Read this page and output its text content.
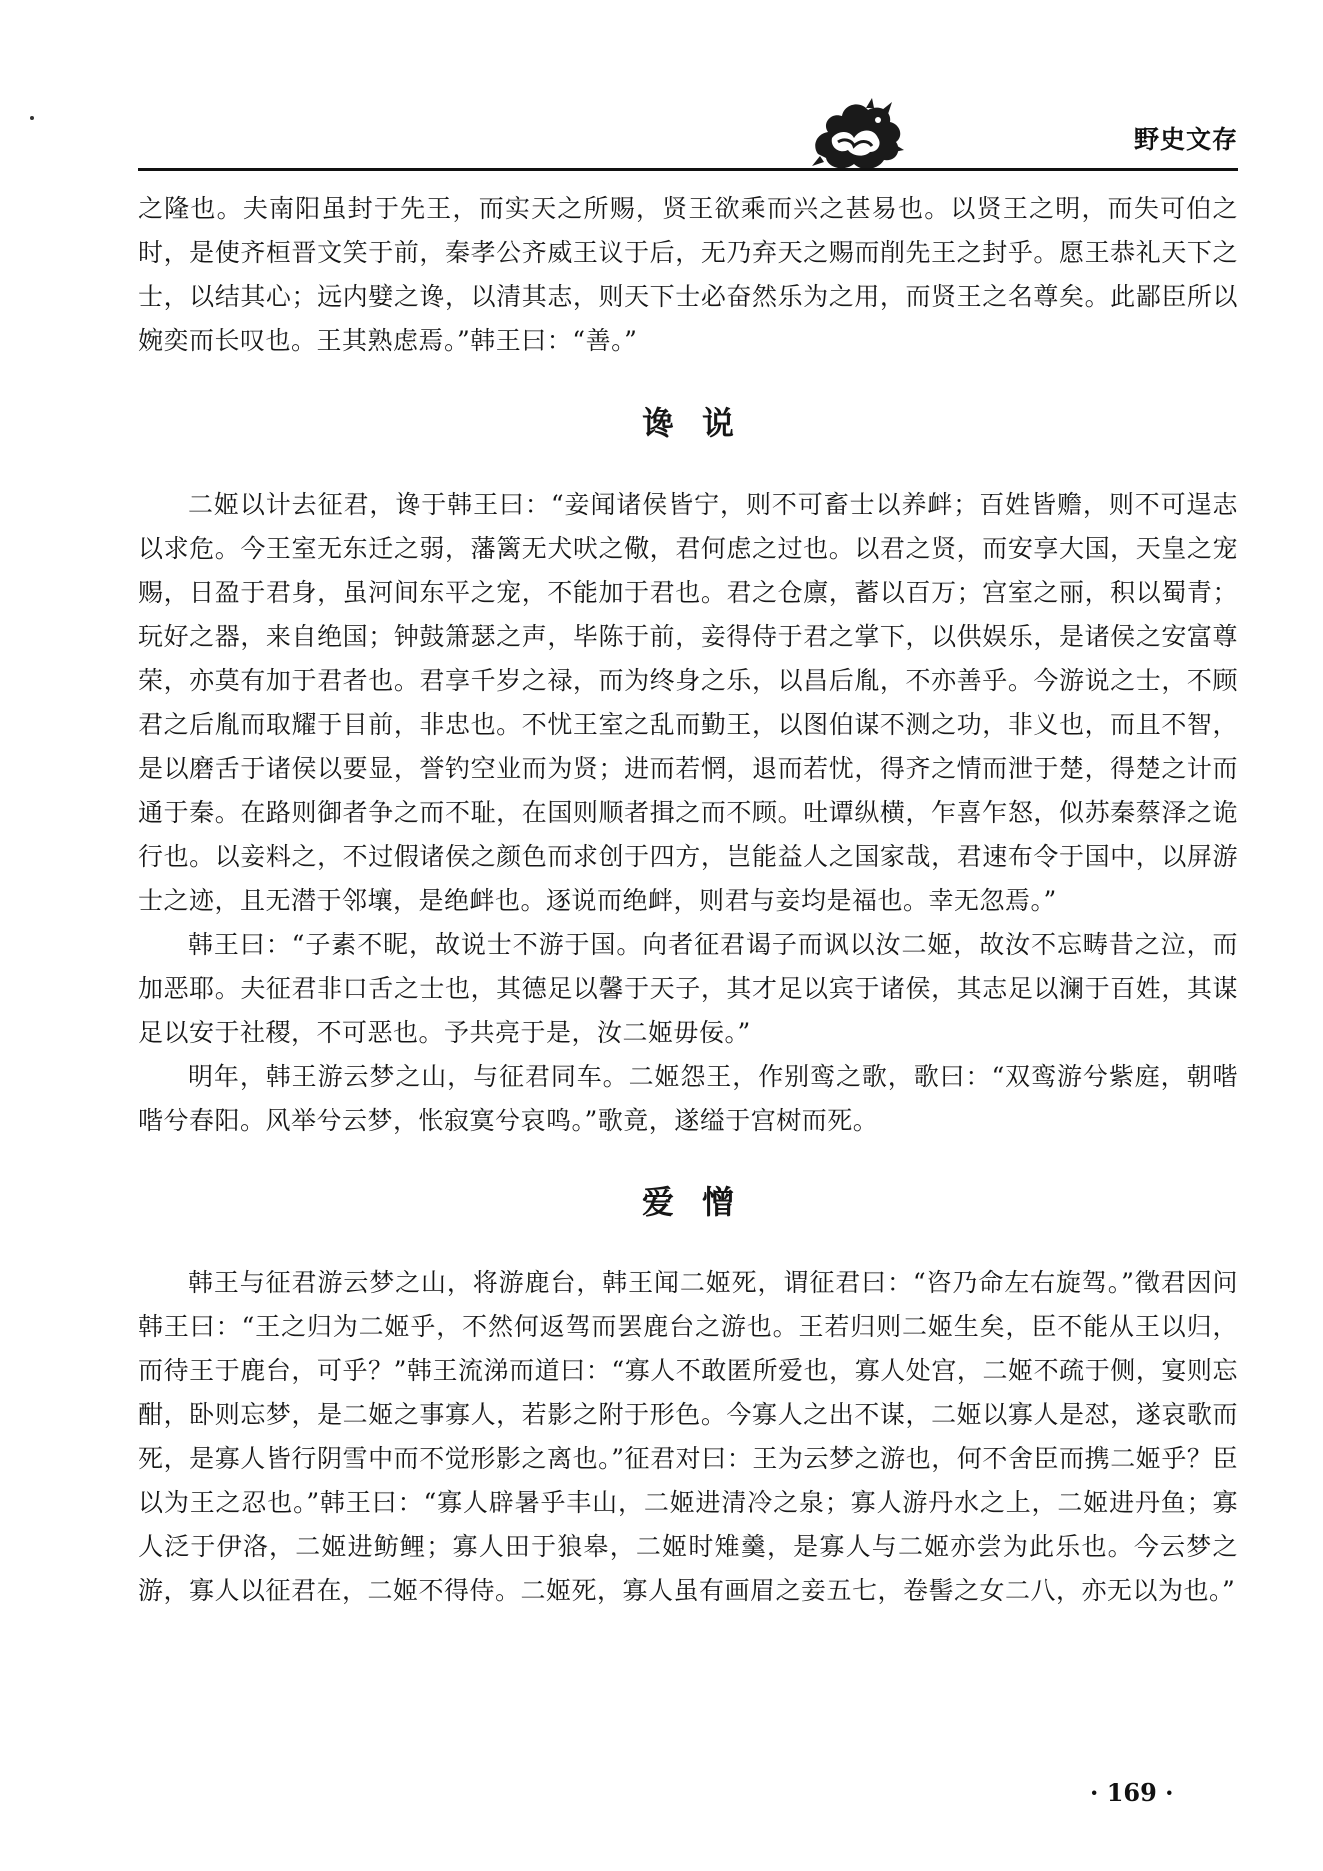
野史文存

之隆也。夫南阳虽封于先王，而实天之所赐，贤王欲乘而兴之甚易也。以贤王之明，而失可伯之时，是使齐桓晋文笑于前，秦孝公齐威王议于后，无乃弃天之赐而削先王之封乎。愿王恭礼天下之士，以结其心；远内嬖之谗，以清其志，则天下士必奋然乐为之用，而贤王之名尊矣。此鄙臣所以婉奕而长叹也。王其熟虑焉。”韩王曰：“善。”

谗说

二姬以计去征君，谗于韩王曰：“妾闻诸侯皆宁，则不可畜士以养衅；百姓皆赡，则不可逞志以求危。今王室无东迁之弱，藩篱无犬吠之儆，君何虑之过也。以君之贤，而安享大国，天皇之宠赐，日盈于君身，虽河间东平之宠，不能加于君也。君之仓廪，蓄以百万；宫室之丽，积以蜀青；玩好之器，来自绝国；钟鼓箫瑟之声，毕陈于前，妾得侍于君之掌下，以供娱乐，是诸侯之安富尊荣，亦莫有加于君者也。君享千岁之禄，而为终身之乐，以昌后胤，不亦善乎。今游说之士，不顾君之后胤而取耀于目前，非忠也。不忧王室之乱而勤王，以图伯谋不测之功，非义也，而且不智，是以磨舌于诸侯以要显，誉钓空业而为贤；进而若惘，退而若忧，得齐之情而泄于楚，得楚之计而通于秦。在路则御者争之而不耻，在国则顺者揖之而不顾。吐谭纵横，乍喜乍怒，似苏秦蔡泽之诡行也。以妾料之，不过假诸侯之颜色而求创于四方，岂能益人之国家哉，君速布令于国中，以屏游士之迹，且无潜于邻壤，是绝衅也。逐说而绝衅，则君与妾均是福也。幸无忽焉。”

韩王曰：“子素不昵，故说士不游于国。向者征君谒子而讽以汝二姬，故汝不忘畴昔之泣，而加恶耶。夫征君非口舌之士也，其德足以馨于天子，其才足以宾于诸侯，其志足以澜于百姓，其谋足以安于社稷，不可恶也。予共亮于是，汝二姬毋佞。”

明年，韩王游云梦之山，与征君同车。二姬怨王，作别鸾之歌，歌曰：“双鸾游兮紫庭，朝喈喈兮春阳。风举兮云梦，怅寂寞兮哀鸣。”歌竟，遂缢于宫树而死。

爱憎

韩王与征君游云梦之山，将游鹿台，韩王闻二姬死，谓征君曰：“咨乃命左右旋驾。”徵君因问韩王曰：“王之归为二姬乎，不然何返驾而罢鹿台之游也。王若归则二姬生矣，臣不能从王以归，而待王于鹿台，可乎？”韩王流涕而道曰：“寡人不敢匿所爱也，寡人处宫，二姬不疏于侧，宴则忘酣，卧则忘梦，是二姬之事寡人，若影之附于形色。今寡人之出不谋，二姬以寡人是怼，遂哀歌而死，是寡人皆行阴雪中而不觉形影之离也。”征君对曰：王为云梦之游也，何不舍臣而携二姬乎？臣以为王之忍也。”韩王曰：“寡人辟暑乎丰山，二姬进清冷之泉；寡人游丹水之上，二姬进丹鱼；寡人泛于伊洛，二姬进鲂鲤；寡人田于狼皋，二姬时雉羹，是寡人与二姬亦尝为此乐也。今云梦之游，寡人以征君在，二姬不得侍。二姬死，寡人虽有画眉之妾五七，卷髻之女二八，亦无以为也。”

· 169 ·
